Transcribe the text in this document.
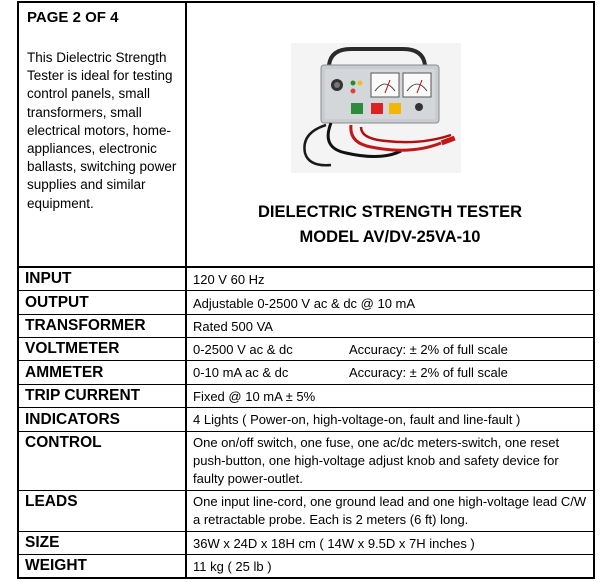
PAGE 2 OF 4
This Dielectric Strength Tester is ideal for testing control panels, small transformers, small electrical motors, home-appliances, electronic ballasts, switching power supplies and similar equipment.	DIELECTRIC STRENGTH TESTER
MODEL AV/DV-25VA-10
INPUT	120 V 60 Hz
OUTPUT	Adjustable 0-2500 V ac & dc @ 10 mA
TRANSFORMER	Rated 500 VA
VOLTMETER	0-2500 V ac & dc	Accuracy: ± 2% of full scale
AMMETER	0-10 mA ac & dc	Accuracy: ± 2% of full scale
TRIP CURRENT	Fixed @ 10 mA ± 5%
INDICATORS	4 Lights ( Power-on, high-voltage-on, fault and line-fault )
CONTROL	One on/off switch, one fuse, one ac/dc meters-switch, one reset push-button, one high-voltage adjust knob and safety device for faulty power-outlet.
LEADS	One input line-cord, one ground lead and one high-voltage lead C/W a retractable probe. Each is 2 meters (6 ft) long.
SIZE	36W x 24D x 18H cm ( 14W x 9.5D x 7H inches )
WEIGHT	11 kg ( 25 lb )
